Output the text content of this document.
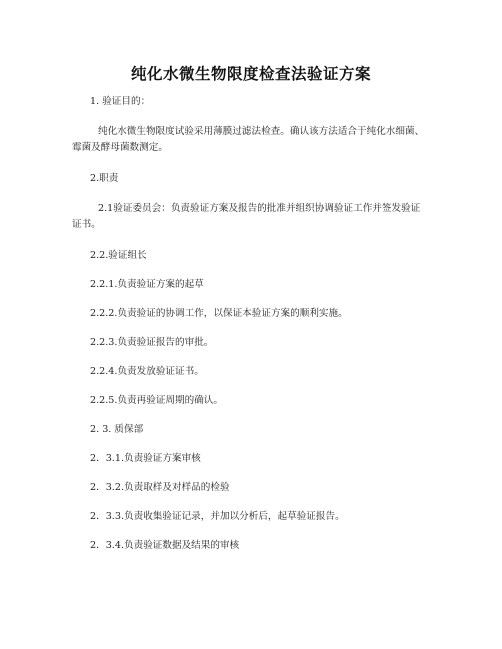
纯化水微生物限度检查法验证方案
1. 验证目的：
纯化水微生物限度试验采用薄膜过滤法检查。确认该方法适合于纯化水细菌、霉菌及酵母菌数测定。
2.职责
2.1验证委员会：负责验证方案及报告的批准并组织协调验证工作并签发验证证书。
2.2.验证组长
2.2.1.负责验证方案的起草
2.2.2.负责验证的协调工作，以保证本验证方案的顺利实施。
2.2.3.负责验证报告的审批。
2.2.4.负责发放验证证书。
2.2.5.负责再验证周期的确认。
2. 3. 质保部
2．3.1.负责验证方案审核
2．3.2.负责取样及对样品的检验
2．3.3.负责收集验证记录，并加以分析后，起草验证报告。
2．3.4.负责验证数据及结果的审核
